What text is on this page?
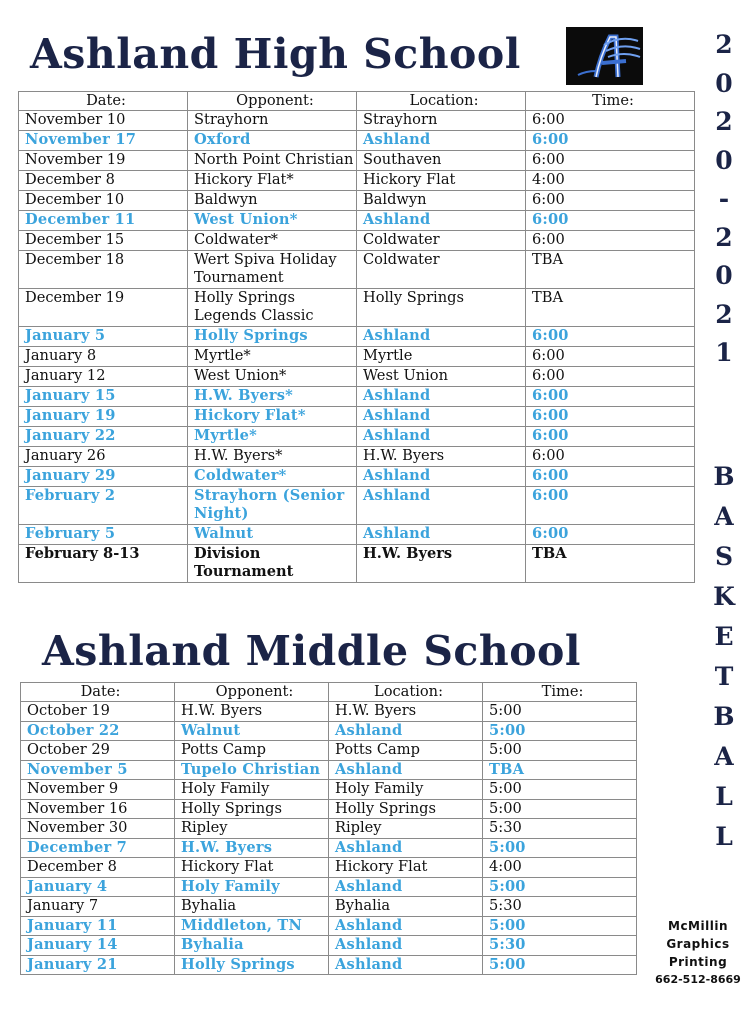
Ashland High School
Date:	Opponent:	Location:	Time:
November 10	Strayhorn	Strayhorn	6:00
November 17	Oxford	Ashland	6:00
November 19	North Point Christian	Southaven	6:00
December 8	Hickory Flat*	Hickory Flat	4:00
December 10	Baldwyn	Baldwyn	6:00
December 11	West Union*	Ashland	6:00
December 15	Coldwater*	Coldwater	6:00
December 18	Wert Spiva Holiday Tournament	Coldwater	TBA
December 19	Holly Springs Legends Classic	Holly Springs	TBA
January 5	Holly Springs	Ashland	6:00
January 8	Myrtle*	Myrtle	6:00
January 12	West Union*	West Union	6:00
January 15	H.W. Byers*	Ashland	6:00
January 19	Hickory Flat*	Ashland	6:00
January 22	Myrtle*	Ashland	6:00
January 26	H.W. Byers*	H.W. Byers	6:00
January 29	Coldwater*	Ashland	6:00
February 2	Strayhorn (Senior Night)	Ashland	6:00
February 5	Walnut	Ashland	6:00
February 8-13	Division Tournament	H.W. Byers	TBA
Ashland Middle School
Date:	Opponent:	Location:	Time:
October 19	H.W. Byers	H.W. Byers	5:00
October 22	Walnut	Ashland	5:00
October 29	Potts Camp	Potts Camp	5:00
November 5	Tupelo Christian	Ashland	TBA
November 9	Holy Family	Holy Family	5:00
November 16	Holly Springs	Holly Springs	5:00
November 30	Ripley	Ripley	5:30
December 7	H.W. Byers	Ashland	5:00
December 8	Hickory Flat	Hickory Flat	4:00
January 4	Holy Family	Ashland	5:00
January 7	Byhalia	Byhalia	5:30
January 11	Middleton, TN	Ashland	5:00
January 14	Byhalia	Ashland	5:30
January 21	Holly Springs	Ashland	5:00
2
0
2
0
-
2
0
2
1
B
A
S
K
E
T
B
A
L
L
McMillin
Graphics
Printing
662-512-8669
